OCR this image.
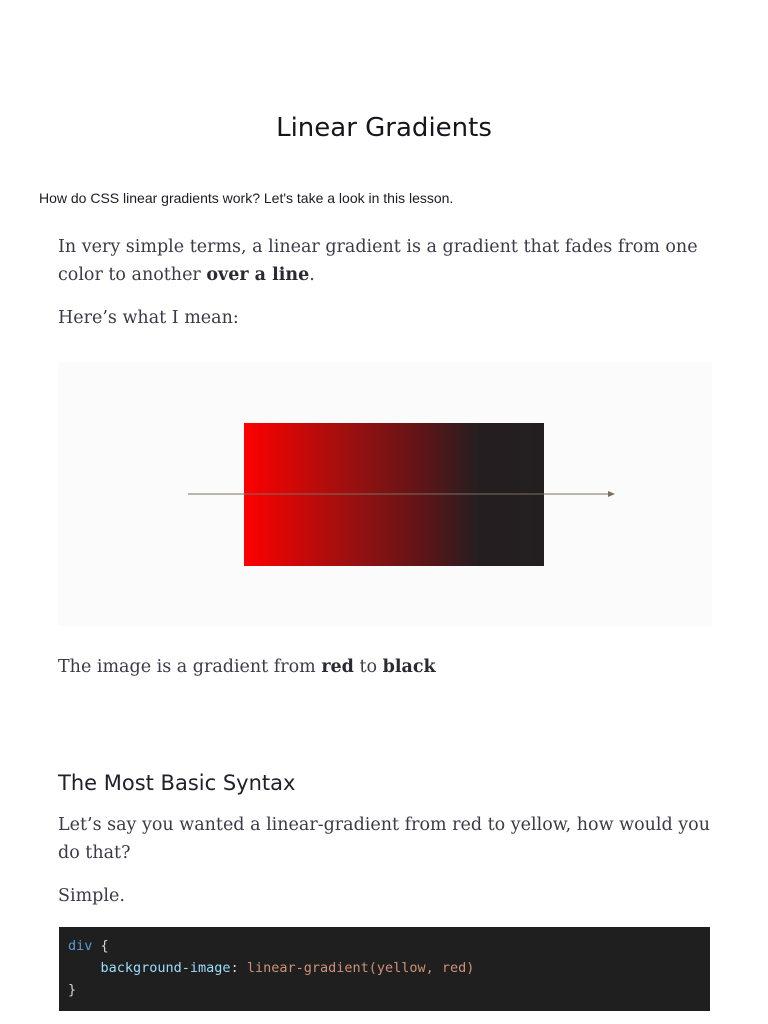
Linear Gradients

How do CSS linear gradients work? Let's take a look in this lesson.

In very simple terms, a linear gradient is a gradient that fades from one color to another over a line.

Here’s what I mean:

The image is a gradient from red to black

The Most Basic Syntax

Let’s say you wanted a linear-gradient from red to yellow, how would you do that?

Simple.

div {
background-image: linear-gradient(yellow, red)
}
